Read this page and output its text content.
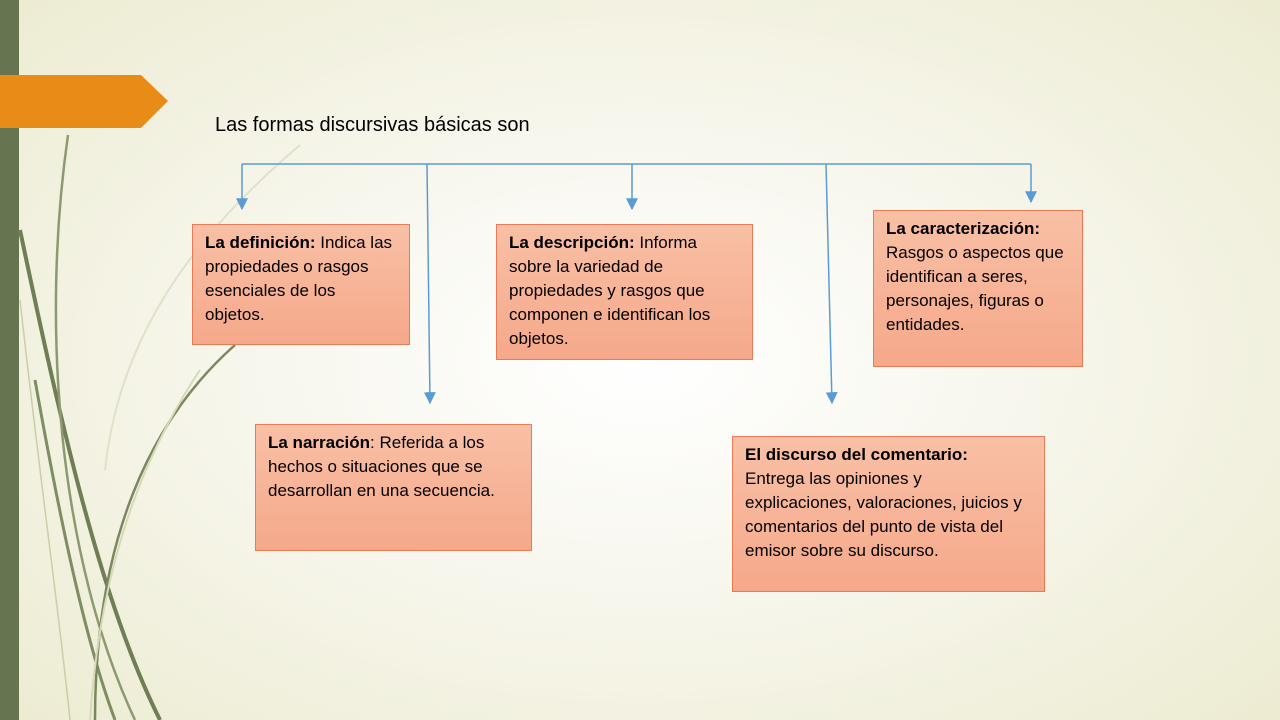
Las formas discursivas básicas son
La definición: Indica las propiedades o rasgos esenciales de los objetos.
La narración: Referida a los hechos o situaciones que se desarrollan en una secuencia.
La descripción: Informa sobre la variedad de propiedades y rasgos que componen e identifican los objetos.
El discurso del comentario: Entrega las opiniones y explicaciones, valoraciones, juicios y comentarios del punto de vista del emisor sobre su discurso.
La caracterización: Rasgos o aspectos que identifican a seres, personajes, figuras o entidades.
